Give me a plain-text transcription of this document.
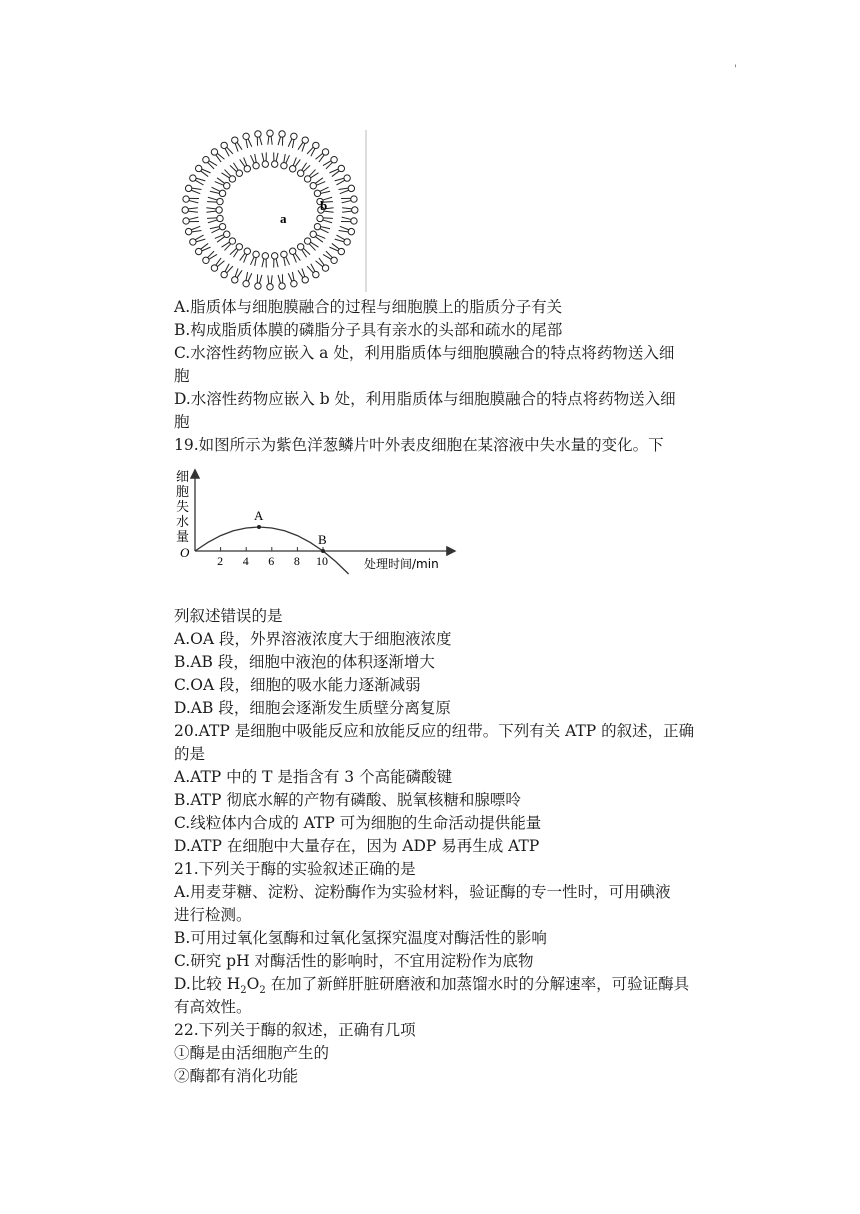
'
a
b
A.脂质体与细胞膜融合的过程与细胞膜上的脂质分子有关
B.构成脂质体膜的磷脂分子具有亲水的头部和疏水的尾部
C.水溶性药物应嵌入 a 处，利用脂质体与细胞膜融合的特点将药物送入细
胞
D.水溶性药物应嵌入 b 处，利用脂质体与细胞膜融合的特点将药物送入细
胞
19.如图所示为紫色洋葱鳞片叶外表皮细胞在某溶液中失水量的变化。下
细胞失水量
O
2 4 6 8 10
A
B
处理时间/min
列叙述错误的是
A.OA 段，外界溶液浓度大于细胞液浓度
B.AB 段，细胞中液泡的体积逐渐增大
C.OA 段，细胞的吸水能力逐渐减弱
D.AB 段，细胞会逐渐发生质壁分离复原
20.ATP 是细胞中吸能反应和放能反应的纽带。下列有关 ATP 的叙述，正确
的是
A.ATP 中的 T 是指含有 3 个高能磷酸键
B.ATP 彻底水解的产物有磷酸、脱氧核糖和腺嘌呤
C.线粒体内合成的 ATP 可为细胞的生命活动提供能量
D.ATP 在细胞中大量存在，因为 ADP 易再生成 ATP
21.下列关于酶的实验叙述正确的是
A.用麦芽糖、淀粉、淀粉酶作为实验材料，验证酶的专一性时，可用碘液
进行检测。
B.可用过氧化氢酶和过氧化氢探究温度对酶活性的影响
C.研究 pH 对酶活性的影响时，不宜用淀粉作为底物
D.比较 $H_2O_2$ 在加了新鲜肝脏研磨液和加蒸馏水时的分解速率，可验证酶具
有高效性。
22.下列关于酶的叙述，正确有几项
①酶是由活细胞产生的
②酶都有消化功能
